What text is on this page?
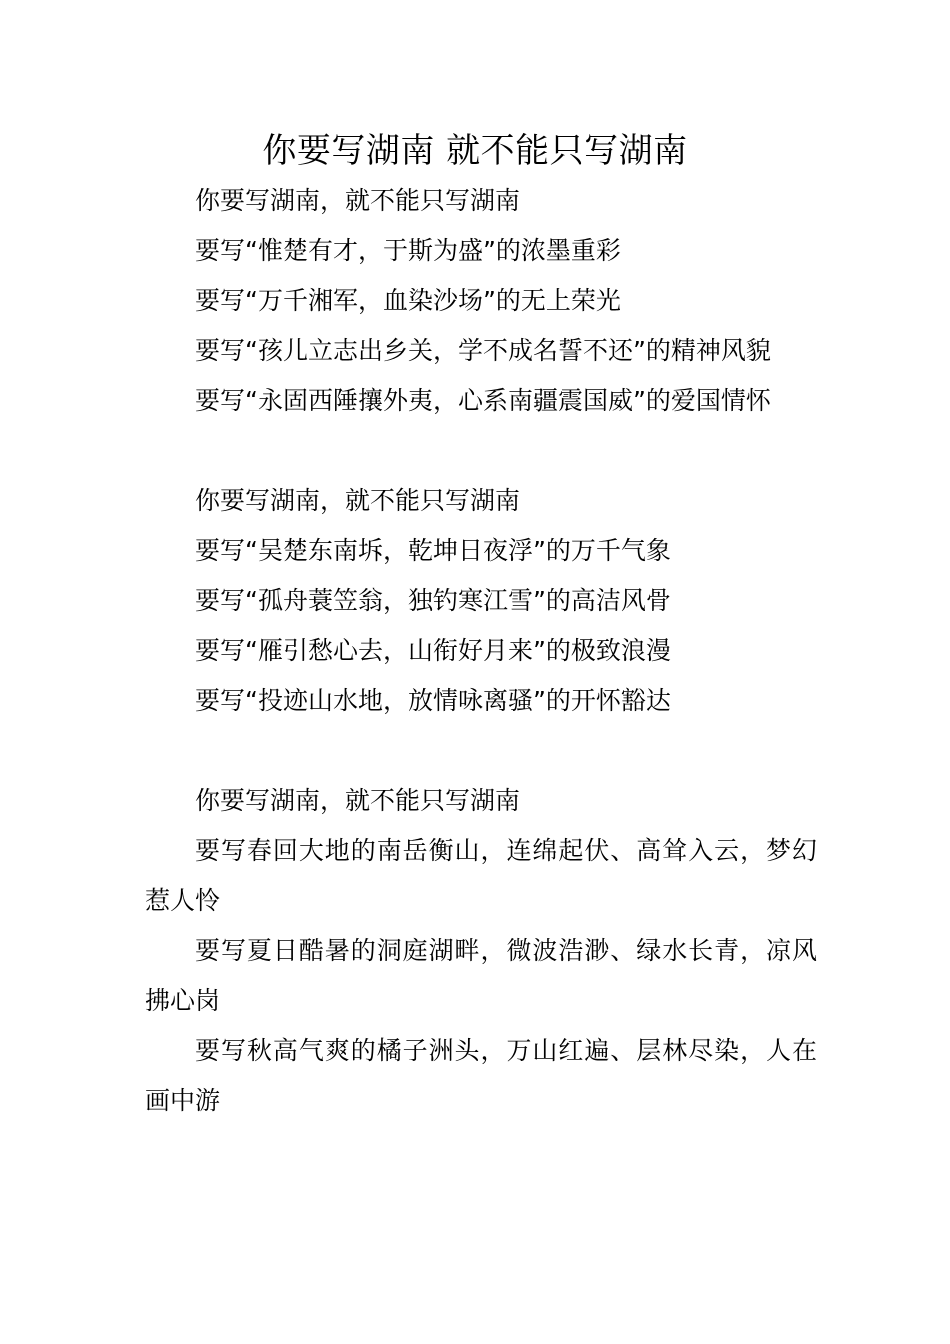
你要写湖南 就不能只写湖南

你要写湖南，就不能只写湖南

要写“惟楚有才，于斯为盛”的浓墨重彩

要写“万千湘军，血染沙场”的无上荣光

要写“孩儿立志出乡关，学不成名誓不还”的精神风貌

要写“永固西陲攘外夷，心系南疆震国威”的爱国情怀

你要写湖南，就不能只写湖南

要写“吴楚东南坼，乾坤日夜浮”的万千气象

要写“孤舟蓑笠翁，独钓寒江雪”的高洁风骨

要写“雁引愁心去，山衔好月来”的极致浪漫

要写“投迹山水地，放情咏离骚”的开怀豁达

你要写湖南，就不能只写湖南

要写春回大地的南岳衡山，连绵起伏、高耸入云，梦幻惹人怜

要写夏日酷暑的洞庭湖畔，微波浩渺、绿水长青，凉风拂心岗

要写秋高气爽的橘子洲头，万山红遍、层林尽染，人在画中游
